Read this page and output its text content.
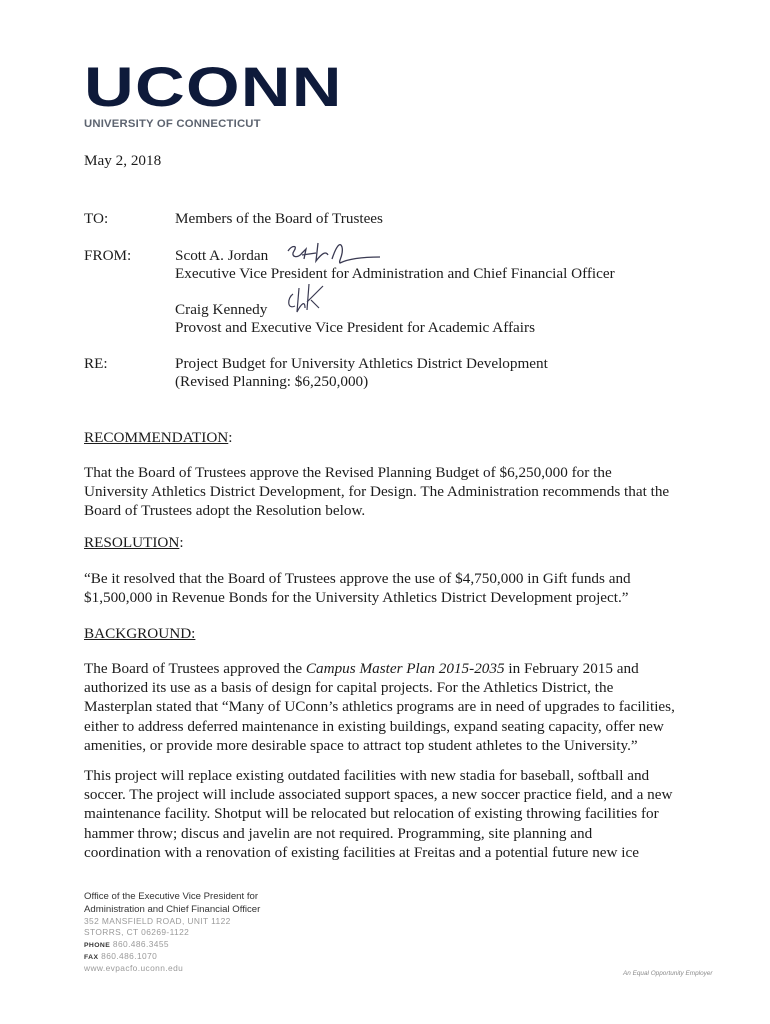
UCONN
UNIVERSITY OF CONNECTICUT
May 2, 2018
TO:	Members of the Board of Trustees
FROM:	Scott A. Jordan
Executive Vice President for Administration and Chief Financial Officer
Craig Kennedy
Provost and Executive Vice President for Academic Affairs
RE:	Project Budget for University Athletics District Development
(Revised Planning: $6,250,000)
RECOMMENDATION:
That the Board of Trustees approve the Revised Planning Budget of $6,250,000 for the
University Athletics District Development, for Design. The Administration recommends that the
Board of Trustees adopt the Resolution below.
RESOLUTION:
“Be it resolved that the Board of Trustees approve the use of $4,750,000 in Gift funds and
$1,500,000 in Revenue Bonds for the University Athletics District Development project.”
BACKGROUND:
The Board of Trustees approved the Campus Master Plan 2015-2035 in February 2015 and
authorized its use as a basis of design for capital projects. For the Athletics District, the
Masterplan stated that “Many of UConn’s athletics programs are in need of upgrades to facilities,
either to address deferred maintenance in existing buildings, expand seating capacity, offer new
amenities, or provide more desirable space to attract top student athletes to the University.”
This project will replace existing outdated facilities with new stadia for baseball, softball and
soccer. The project will include associated support spaces, a new soccer practice field, and a new
maintenance facility. Shotput will be relocated but relocation of existing throwing facilities for
hammer throw; discus and javelin are not required. Programming, site planning and
coordination with a renovation of existing facilities at Freitas and a potential future new ice
Office of the Executive Vice President for
Administration and Chief Financial Officer
352 MANSFIELD ROAD, UNIT 1122
STORRS, CT 06269-1122
PHONE 860.486.3455
FAX 860.486.1070
www.evpacfo.uconn.edu
An Equal Opportunity Employer
